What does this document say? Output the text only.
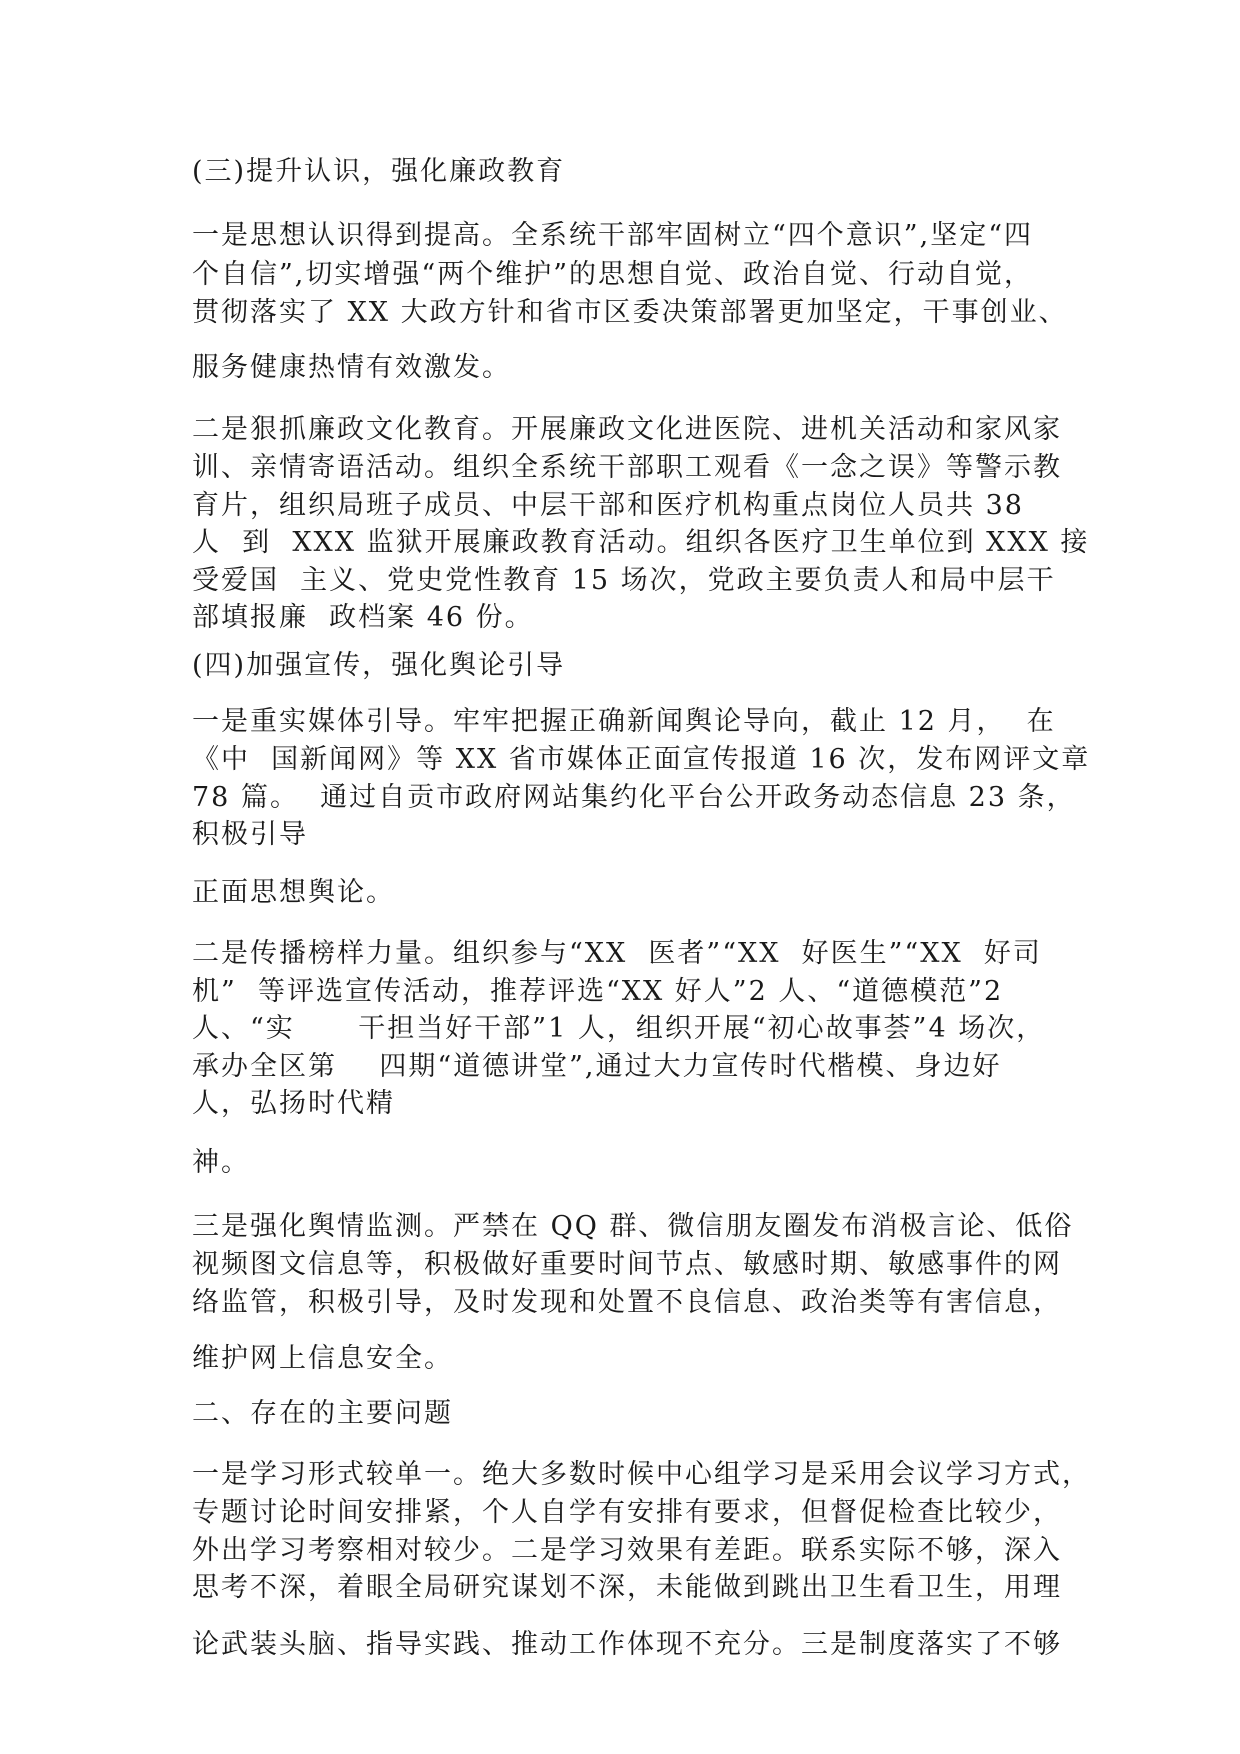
(三)提升认识，强化廉政教育
一是思想认识得到提高。全系统干部牢固树立“四个意识”,坚定“四
个自信”,切实增强“两个维护”的思想自觉、政治自觉、行动自觉，
贯彻落实了 XX 大政方针和省市区委决策部署更加坚定，干事创业、
服务健康热情有效激发。
二是狠抓廉政文化教育。开展廉政文化进医院、进机关活动和家风家
训、亲情寄语活动。组织全系统干部职工观看《一念之误》等警示教
育片，组织局班子成员、中层干部和医疗机构重点岗位人员共 38
人  到  XXX 监狱开展廉政教育活动。组织各医疗卫生单位到 XXX 接
受爱国  主义、党史党性教育 15 场次，党政主要负责人和局中层干
部填报廉  政档案 46 份。
(四)加强宣传，强化舆论引导
一是重实媒体引导。牢牢把握正确新闻舆论导向，截止 12 月，  在
《中  国新闻网》等 XX 省市媒体正面宣传报道 16 次，发布网评文章
78 篇。  通过自贡市政府网站集约化平台公开政务动态信息 23 条，
积极引导
正面思想舆论。
二是传播榜样力量。组织参与“XX  医者”“XX  好医生”“XX  好司
机”  等评选宣传活动，推荐评选“XX 好人”2 人、“道德模范”2
人、“实      干担当好干部”1 人，组织开展“初心故事荟”4 场次，
承办全区第    四期“道德讲堂”,通过大力宣传时代楷模、身边好
人，弘扬时代精
神。
三是强化舆情监测。严禁在 QQ 群、微信朋友圈发布消极言论、低俗
视频图文信息等，积极做好重要时间节点、敏感时期、敏感事件的网
络监管，积极引导，及时发现和处置不良信息、政治类等有害信息，
维护网上信息安全。
二、存在的主要问题
一是学习形式较单一。绝大多数时候中心组学习是采用会议学习方式，
专题讨论时间安排紧，个人自学有安排有要求，但督促检查比较少，
外出学习考察相对较少。二是学习效果有差距。联系实际不够，深入
思考不深，着眼全局研究谋划不深，未能做到跳出卫生看卫生，用理
论武装头脑、指导实践、推动工作体现不充分。三是制度落实了不够
